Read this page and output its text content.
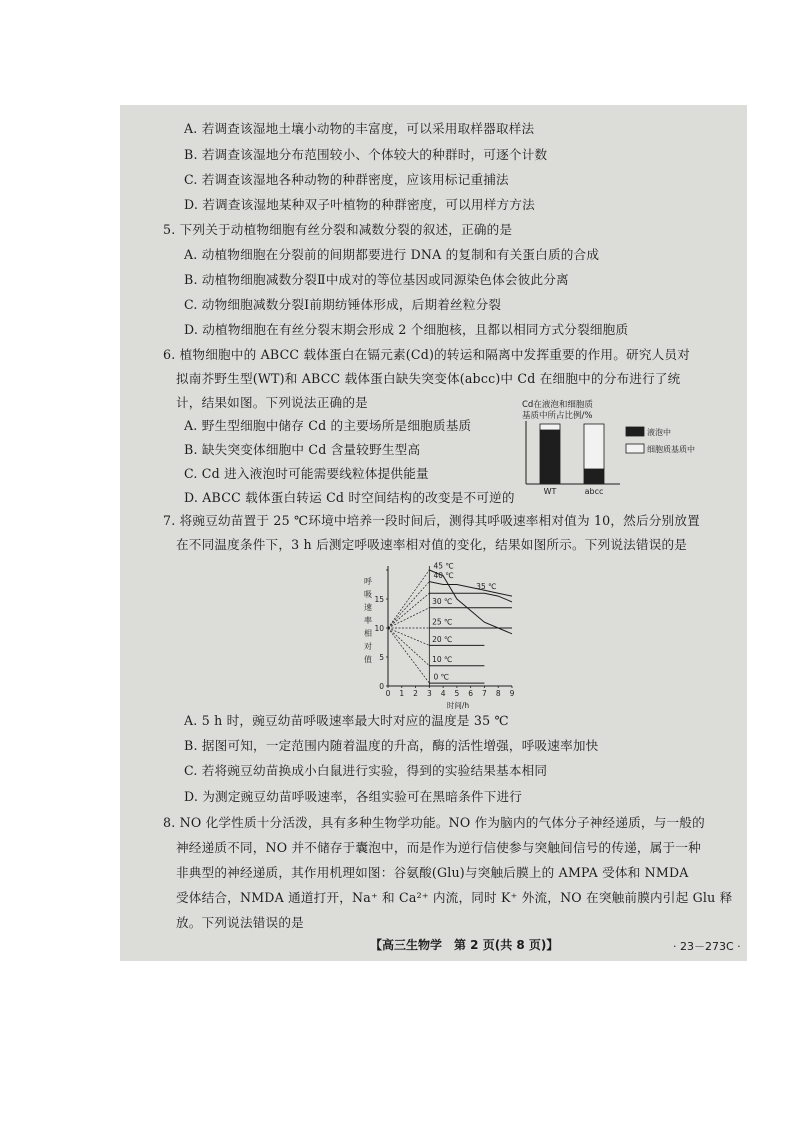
A. 若调查该湿地土壤小动物的丰富度，可以采用取样器取样法
B. 若调查该湿地分布范围较小、个体较大的种群时，可逐个计数
C. 若调查该湿地各种动物的种群密度，应该用标记重捕法
D. 若调查该湿地某种双子叶植物的种群密度，可以用样方方法
5. 下列关于动植物细胞有丝分裂和减数分裂的叙述，正确的是
A. 动植物细胞在分裂前的间期都要进行 DNA 的复制和有关蛋白质的合成
B. 动植物细胞减数分裂Ⅱ中成对的等位基因或同源染色体会彼此分离
C. 动物细胞减数分裂Ⅰ前期纺锤体形成，后期着丝粒分裂
D. 动植物细胞在有丝分裂末期会形成 2 个细胞核，且都以相同方式分裂细胞质
6. 植物细胞中的 ABCC 载体蛋白在镉元素(Cd)的转运和隔离中发挥重要的作用。研究人员对
拟南芥野生型(WT)和 ABCC 载体蛋白缺失突变体(abcc)中 Cd 在细胞中的分布进行了统
计，结果如图。下列说法正确的是
A. 野生型细胞中储存 Cd 的主要场所是细胞质基质
B. 缺失突变体细胞中 Cd 含量较野生型高
C. Cd 进入液泡时可能需要线粒体提供能量
D. ABCC 载体蛋白转运 Cd 时空间结构的改变是不可逆的
Cd在液泡和细胞质
基质中所占比例/%
WT	abcc
液泡中
细胞质基质中
7. 将豌豆幼苗置于 25 ℃环境中培养一段时间后，测得其呼吸速率相对值为 10，然后分别放置
在不同温度条件下，3 h 后测定呼吸速率相对值的变化，结果如图所示。下列说法错误的是
呼
吸
速
率
相
对
值
45 ℃
40 ℃
35 ℃
30 ℃
25 ℃
20 ℃
10 ℃
0 ℃
0 1 2 3 4 5 6 7 8 9
0
5
10
15
时间/h
A. 5 h 时，豌豆幼苗呼吸速率最大时对应的温度是 35 ℃
B. 据图可知，一定范围内随着温度的升高，酶的活性增强，呼吸速率加快
C. 若将豌豆幼苗换成小白鼠进行实验，得到的实验结果基本相同
D. 为测定豌豆幼苗呼吸速率，各组实验可在黑暗条件下进行
8. NO 化学性质十分活泼，具有多种生物学功能。NO 作为脑内的气体分子神经递质，与一般的
神经递质不同，NO 并不储存于囊泡中，而是作为逆行信使参与突触间信号的传递，属于一种
非典型的神经递质，其作用机理如图：谷氨酸(Glu)与突触后膜上的 AMPA 受体和 NMDA
受体结合，NMDA 通道打开，Na⁺ 和 Ca²⁺ 内流，同时 K⁺ 外流，NO 在突触前膜内引起 Glu 释
放。下列说法错误的是
【高三生物学　第 2 页(共 8 页)】	· 23－273C ·
